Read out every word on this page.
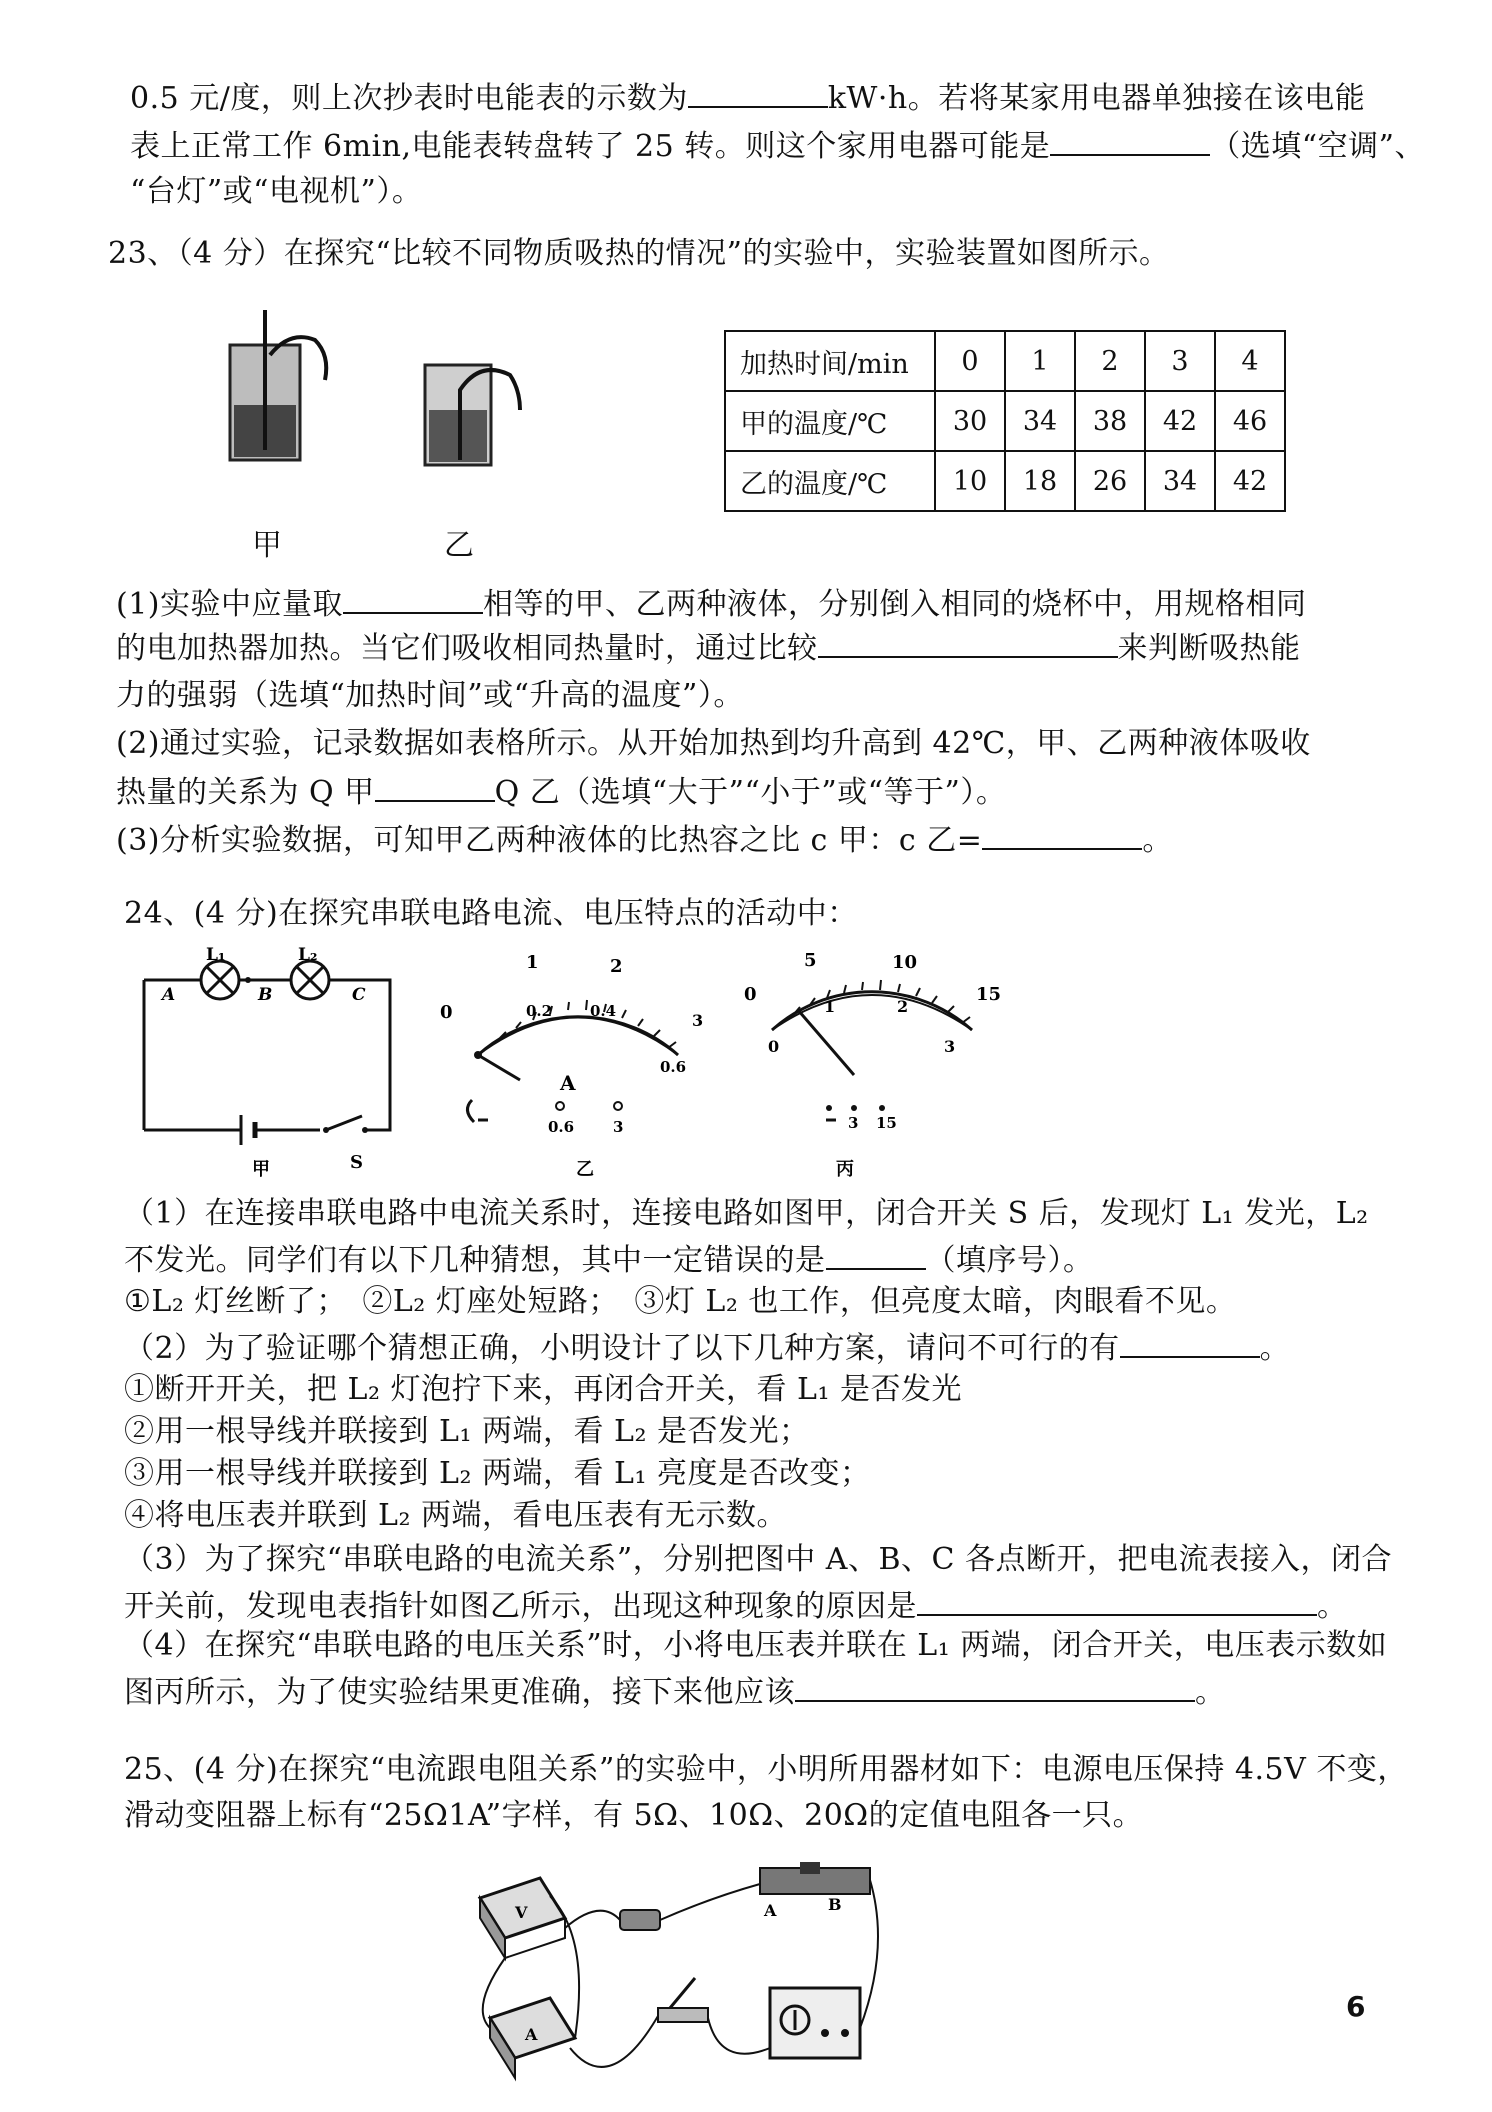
0.5 元/度，则上次抄表时电能表的示数为	kW·h。若将某家用电器单独接在该电能
表上正常工作 6min,电能表转盘转了 25 转。则这个家用电器可能是	（选填“空调”、
“台灯”或“电视机”）。
23、（4 分）在探究“比较不同物质吸热的情况”的实验中，实验装置如图所示。
甲	乙
加热时间/min	0	1	2	3	4
甲的温度/℃	30	34	38	42	46
乙的温度/℃	10	18	26	34	42
(1)实验中应量取	相等的甲、乙两种液体，分别倒入相同的烧杯中，用规格相同
的电加热器加热。当它们吸收相同热量时，通过比较	来判断吸热能
力的强弱（选填“加热时间”或“升高的温度”）。
(2)通过实验，记录数据如表格所示。从开始加热到均升高到 42℃，甲、乙两种液体吸收
热量的关系为 Q 甲	Q 乙（选填“大于”“小于”或“等于”）。
(3)分析实验数据，可知甲乙两种液体的比热容之比 c 甲：c 乙=	。
24、(4 分)在探究串联电路电流、电压特点的活动中：
L₁	L₂
A	B	C
S
甲
1	2
0	0.2	0.4	3
0.6
A
0.6	3
乙
5	10
15
0
1	2
0	3
3 15
丙
（1）在连接串联电路中电流关系时，连接电路如图甲，闭合开关 S 后，发现灯 L₁ 发光，L₂
不发光。同学们有以下几种猜想，其中一定错误的是	（填序号）。
①L₂ 灯丝断了；　②L₂ 灯座处短路；　③灯 L₂ 也工作，但亮度太暗，肉眼看不见。
（2）为了验证哪个猜想正确，小明设计了以下几种方案，请问不可行的有	。
①断开开关，把 L₂ 灯泡拧下来，再闭合开关，看 L₁ 是否发光
②用一根导线并联接到 L₁ 两端，看 L₂ 是否发光；
③用一根导线并联接到 L₂ 两端，看 L₁ 亮度是否改变；
④将电压表并联到 L₂ 两端，看电压表有无示数。
（3）为了探究“串联电路的电流关系”，分别把图中 A、B、C 各点断开，把电流表接入，闭合
开关前，发现电表指针如图乙所示，出现这种现象的原因是	。
（4）在探究“串联电路的电压关系”时，小将电压表并联在 L₁ 两端，闭合开关，电压表示数如
图丙所示，为了使实验结果更准确，接下来他应该	。
25、(4 分)在探究“电流跟电阻关系”的实验中，小明所用器材如下：电源电压保持 4.5V 不变，
滑动变阻器上标有“25Ω1A”字样，有 5Ω、10Ω、20Ω的定值电阻各一只。
V
A
A	B
6
